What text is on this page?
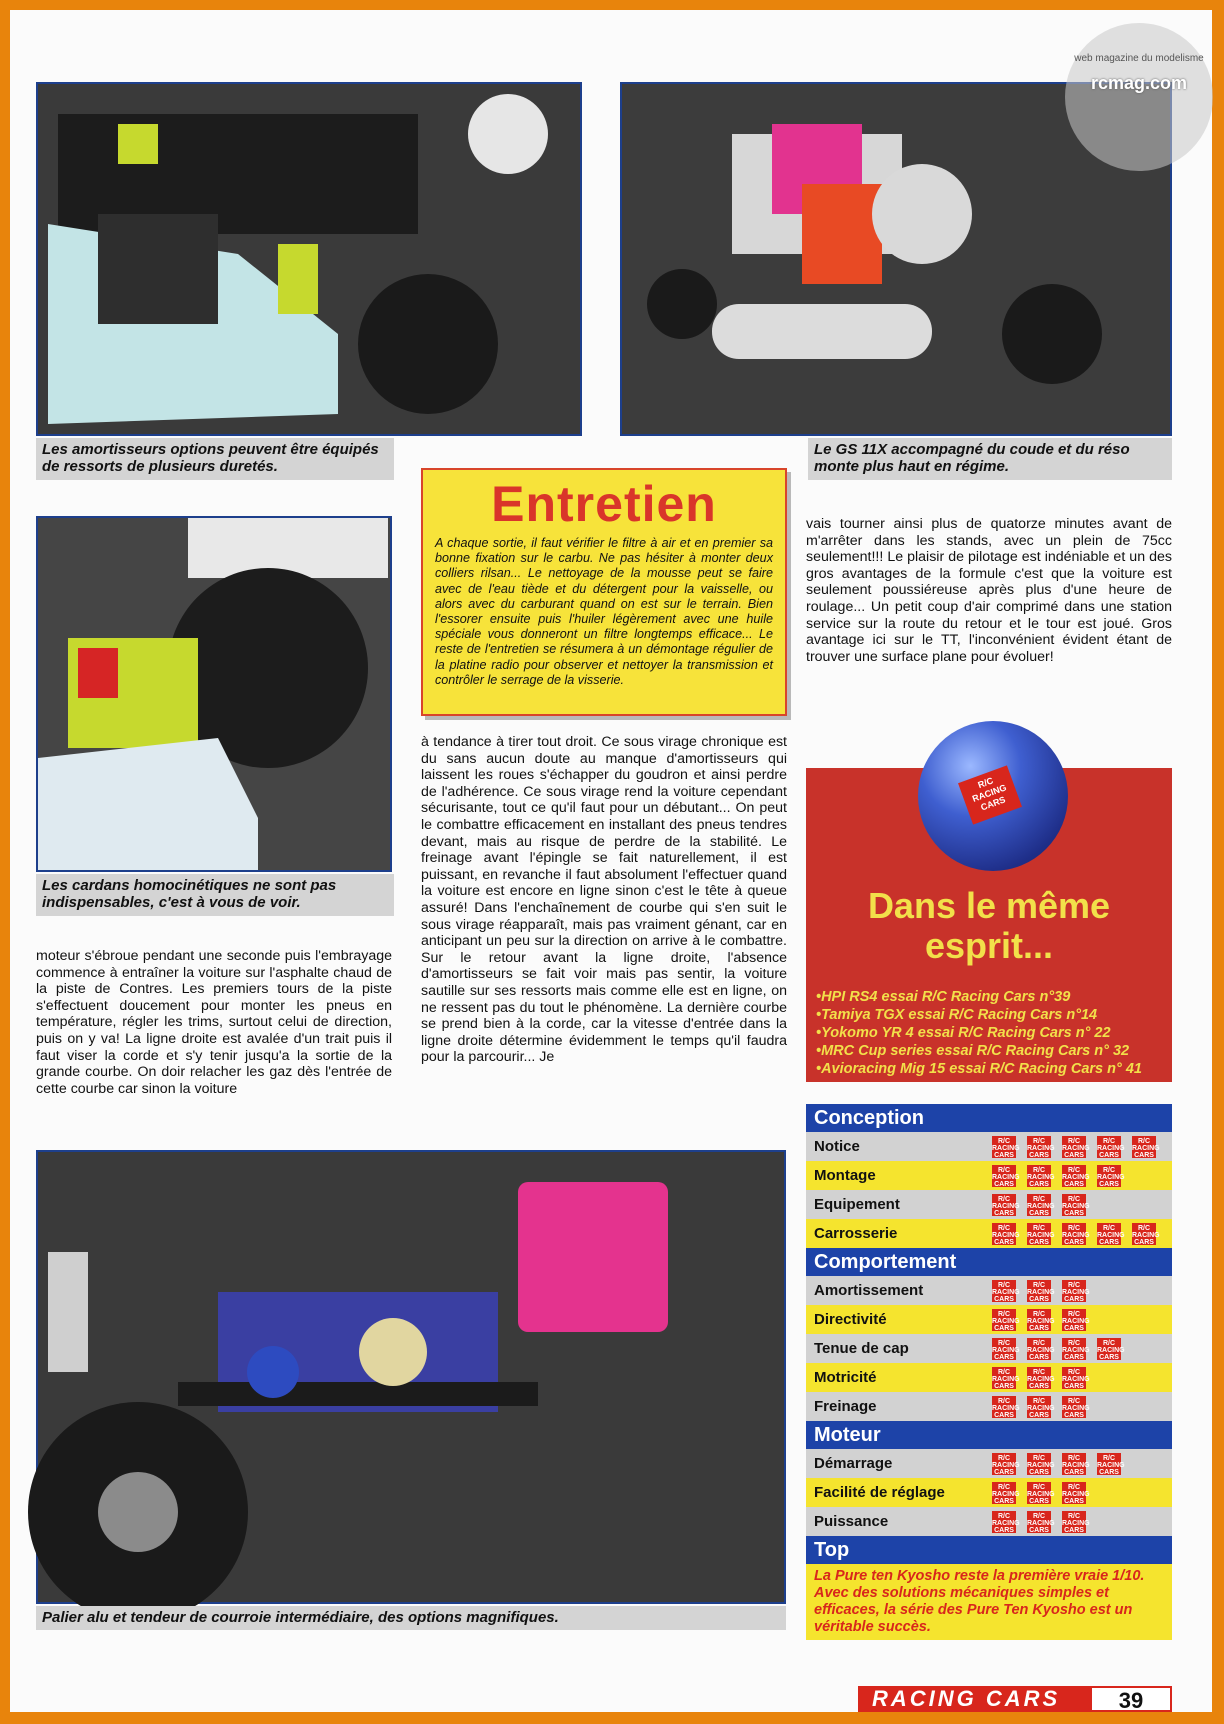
Les amortisseurs options peuvent être équipés de ressorts de plusieurs duretés.
Le GS 11X accompagné du coude et du réso monte plus haut en régime.
Les cardans homocinétiques ne sont pas indispensables, c'est à vous de voir.
Entretien

A chaque sortie, il faut vérifier le filtre à air et en premier sa bonne fixation sur le carbu. Ne pas hésiter à monter deux colliers rilsan... Le nettoyage de la mousse peut se faire avec de l'eau tiède et du détergent pour la vaisselle, ou alors avec du carburant quand on est sur le terrain. Bien l'essorer ensuite puis l'huiler légèrement avec une huile spéciale vous donneront un filtre longtemps efficace... Le reste de l'entretien se résumera à un démontage régulier de la platine radio pour observer et nettoyer la transmission et contrôler le serrage de la visserie.

vais tourner ainsi plus de quatorze minutes avant de m'arrêter dans les stands, avec un plein de 75cc seulement!!! Le plaisir de pilotage est indéniable et un des gros avantages de la formule c'est que la voiture est seulement poussiéreuse après plus d'une heure de roulage... Un petit coup d'air comprimé dans une station service sur la route du retour et le tour est joué. Gros avantage ici sur le TT, l'inconvénient évident étant de trouver une surface plane pour évoluer!

à tendance à tirer tout droit. Ce sous virage chronique est du sans aucun doute au manque d'amortisseurs qui laissent les roues s'échapper du goudron et ainsi perdre de l'adhérence. Ce sous virage rend la voiture cependant sécurisante, tout ce qu'il faut pour un débutant... On peut le combattre efficacement en installant des pneus tendres devant, mais au risque de perdre de la stabilité. Le freinage avant l'épingle se fait naturellement, il est puissant, en revanche il faut absolument l'effectuer quand la voiture est encore en ligne sinon c'est le tête à queue assuré! Dans l'enchaînement de courbe qui s'en suit le sous virage réapparaît, mais pas vraiment génant, car en anticipant un peu sur la direction on arrive à le combattre. Sur le retour avant la ligne droite, l'absence d'amortisseurs se fait voir mais pas sentir, la voiture sautille sur ses ressorts mais comme elle est en ligne, on ne ressent pas du tout le phénomène. La dernière courbe se prend bien à la corde, car la vitesse d'entrée dans la ligne droite détermine évidemment le temps qu'il faudra pour la parcourir... Je

moteur s'ébroue pendant une seconde puis l'embrayage commence à entraîner la voiture sur l'asphalte chaud de la piste de Contres. Les premiers tours de la piste s'effectuent doucement pour monter les pneus en température, régler les trims, surtout celui de direction, puis on y va! La ligne droite est avalée d'un trait puis il faut viser la corde et s'y tenir jusqu'a la sortie de la grande courbe. On doir relacher les gaz dès l'entrée de cette courbe car sinon la voiture

Dans le même
esprit...
•HPI RS4 essai R/C Racing Cars n°39
•Tamiya TGX essai R/C Racing Cars n°14
•Yokomo YR 4 essai R/C Racing Cars n° 22
•MRC Cup series essai R/C Racing Cars n° 32
•Avioracing Mig 15 essai R/C Racing Cars n° 41
R/C RACING CARS
Conception
Notice	R/C RACING CARS
R/C RACING CARS
R/C RACING CARS
R/C RACING CARS
R/C RACING CARS
Montage	R/C RACING CARS
R/C RACING CARS
R/C RACING CARS
R/C RACING CARS
Equipement	R/C RACING CARS
R/C RACING CARS
R/C RACING CARS
Carrosserie	R/C RACING CARS
R/C RACING CARS
R/C RACING CARS
R/C RACING CARS
R/C RACING CARS
Comportement
Amortissement	R/C RACING CARS
R/C RACING CARS
R/C RACING CARS
Directivité	R/C RACING CARS
R/C RACING CARS
R/C RACING CARS
Tenue de cap	R/C RACING CARS
R/C RACING CARS
R/C RACING CARS
R/C RACING CARS
Motricité	R/C RACING CARS
R/C RACING CARS
R/C RACING CARS
Freinage	R/C RACING CARS
R/C RACING CARS
R/C RACING CARS
Moteur
Démarrage	R/C RACING CARS
R/C RACING CARS
R/C RACING CARS
R/C RACING CARS
Facilité de réglage	R/C RACING CARS
R/C RACING CARS
R/C RACING CARS
Puissance	R/C RACING CARS
R/C RACING CARS
R/C RACING CARS
Top
La Pure ten Kyosho reste la première vraie 1/10. Avec des solutions mécaniques simples et efficaces, la série des Pure Ten Kyosho est un véritable succès.
Palier alu et tendeur de courroie intermédiaire, des options magnifiques.
web magazine du modelisme
rcmag.com
RACING CARS	39
